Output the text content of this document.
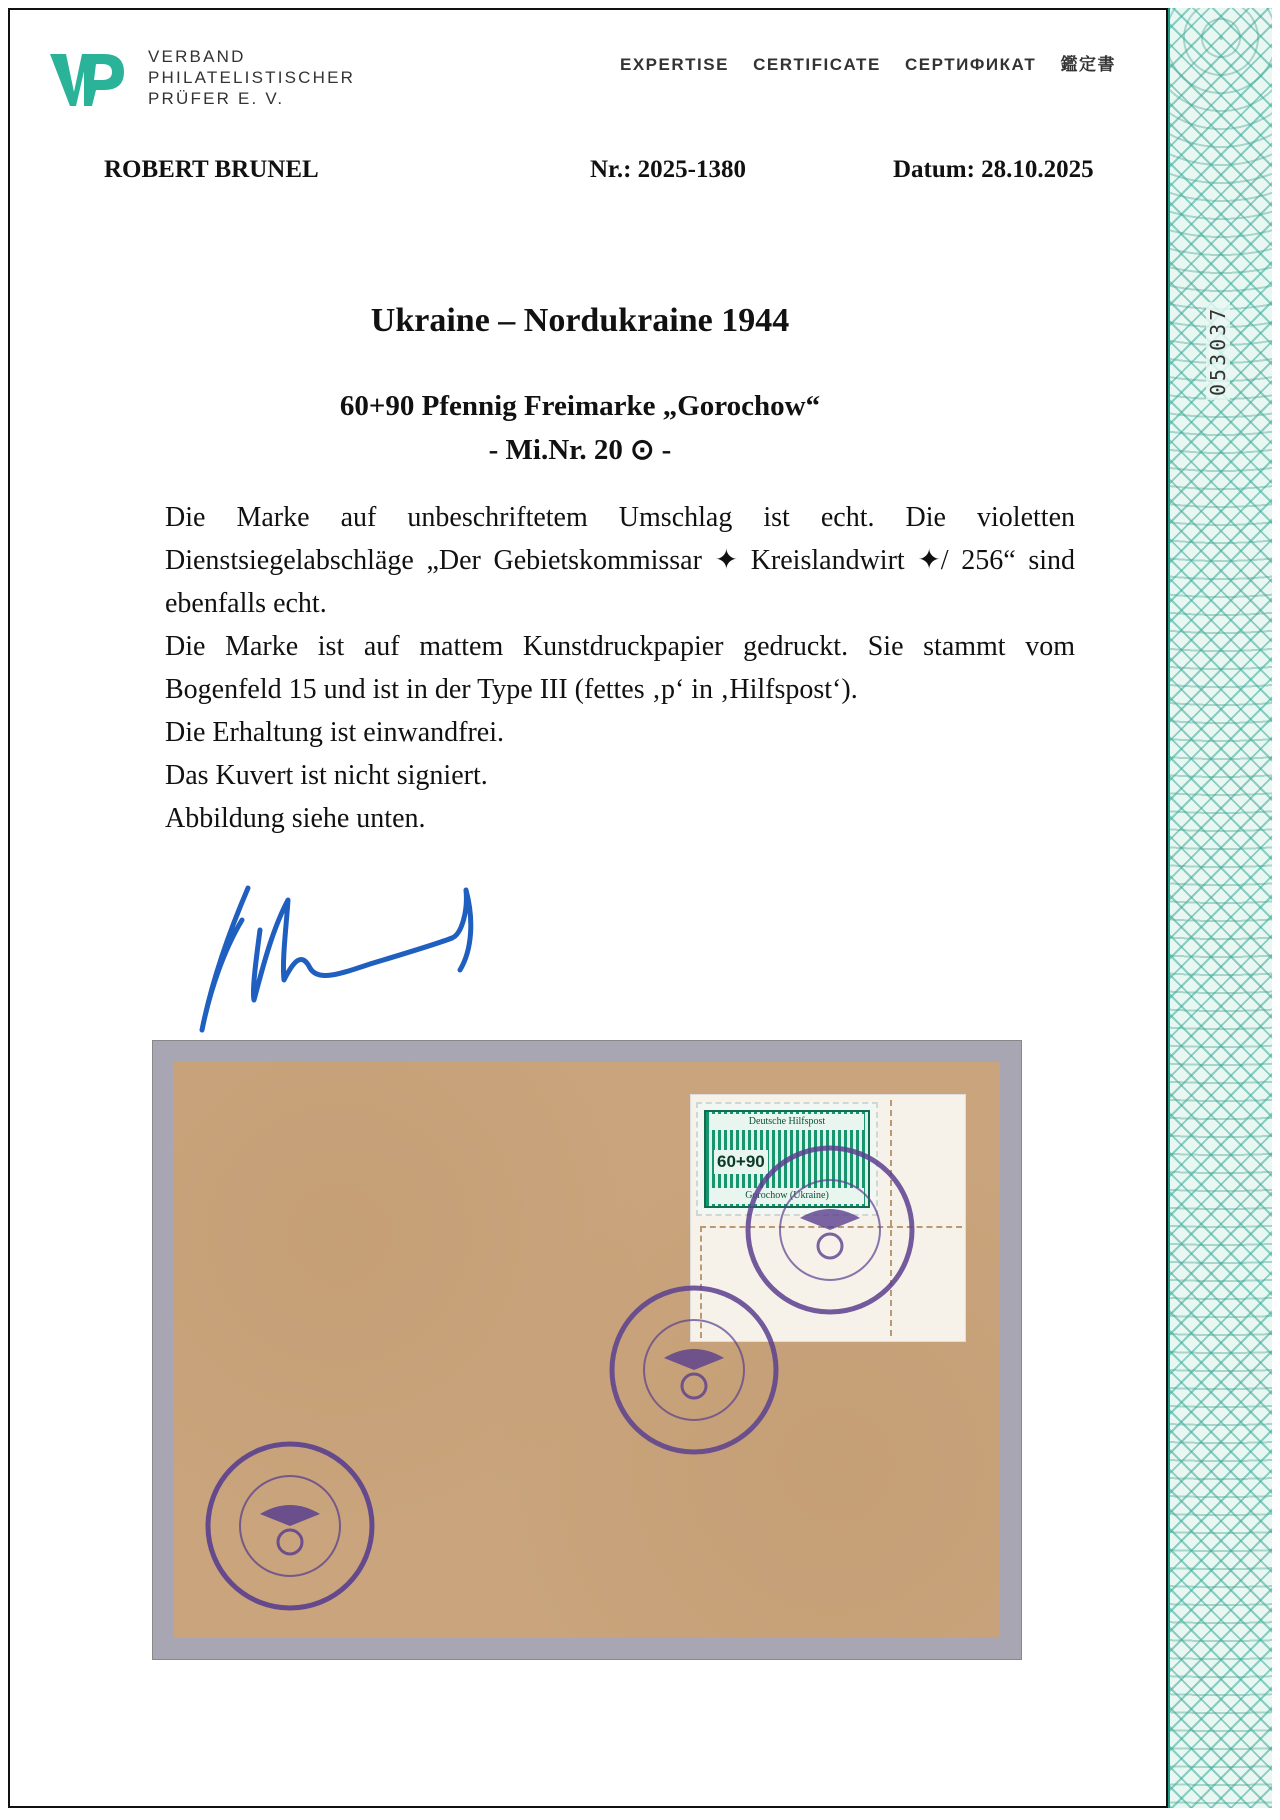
053037
VERBAND
PHILATELISTISCHER
PRÜFER E. V.
EXPERTISE CERTIFICATE СЕРТИФИКАТ 鑑定書
ROBERT BRUNEL	Nr.: 2025-1380	Datum: 28.10.2025
Ukraine – Nordukraine 1944
60+90 Pfennig Freimarke „Gorochow“
- Mi.Nr. 20 ⊙ -

Die Marke auf unbeschriftetem Umschlag ist echt. Die violetten Dienstsiegelabschläge „Der Gebietskommissar ✦ Kreislandwirt ✦/ 256“ sind ebenfalls echt.

Die Marke ist auf mattem Kunstdruckpapier gedruckt. Sie stammt vom Bogenfeld 15 und ist in der Type III (fettes ‚p‘ in ‚Hilfspost‘).

Die Erhaltung ist einwandfrei.

Das Kuvert ist nicht signiert.

Abbildung siehe unten.

Deutsche Hilfspost
60+90
Gorochow (Ukraine)
